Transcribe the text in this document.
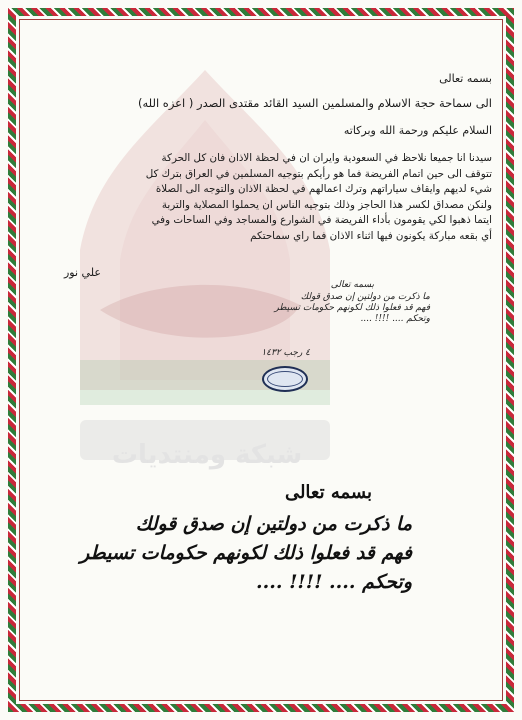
شبكة ومنتديات
بسمه تعالى
الى سماحة حجة الاسلام والمسلمين السيد القائد مقتدى الصدر ( اعزه الله)
السلام عليكم ورحمة الله وبركاته
سيدنا انا جميعا نلاحظ في السعودية وايران ان في لحظة الاذان فان كل الحركة
تتوقف الى حين اتمام الفريضة فما هو رأيكم بتوجيه المسلمين في العراق بترك كل
شيء لديهم وايقاف سياراتهم وترك اعمالهم في لحظة الاذان والتوجه الى الصلاة
ولنكن مصداق لكسر هذا الحاجز وذلك بتوجيه الناس ان يحملوا المصلاية والتربة
ايتما ذهبوا لكي يقومون بأداء الفريضة في الشوارع والمساجد وفي الساحات وفي
أي بقعه مباركة يكونون فيها اثناء الاذان فما راي سماحتكم
علي نور
بسمه تعالى
ما ذكرت من دولتين إن صدق قولك
فهم قد فعلوا ذلك لكونهم حكومات تسيطر
وتحكم .... !!!! ....
٤ رجب ١٤٣٢
بسمه تعالى
ما ذكرت من دولتين إن صدق قولك
فهم قد فعلوا ذلك لكونهم حكومات تسيطر
وتحكم .... !!!! ....
